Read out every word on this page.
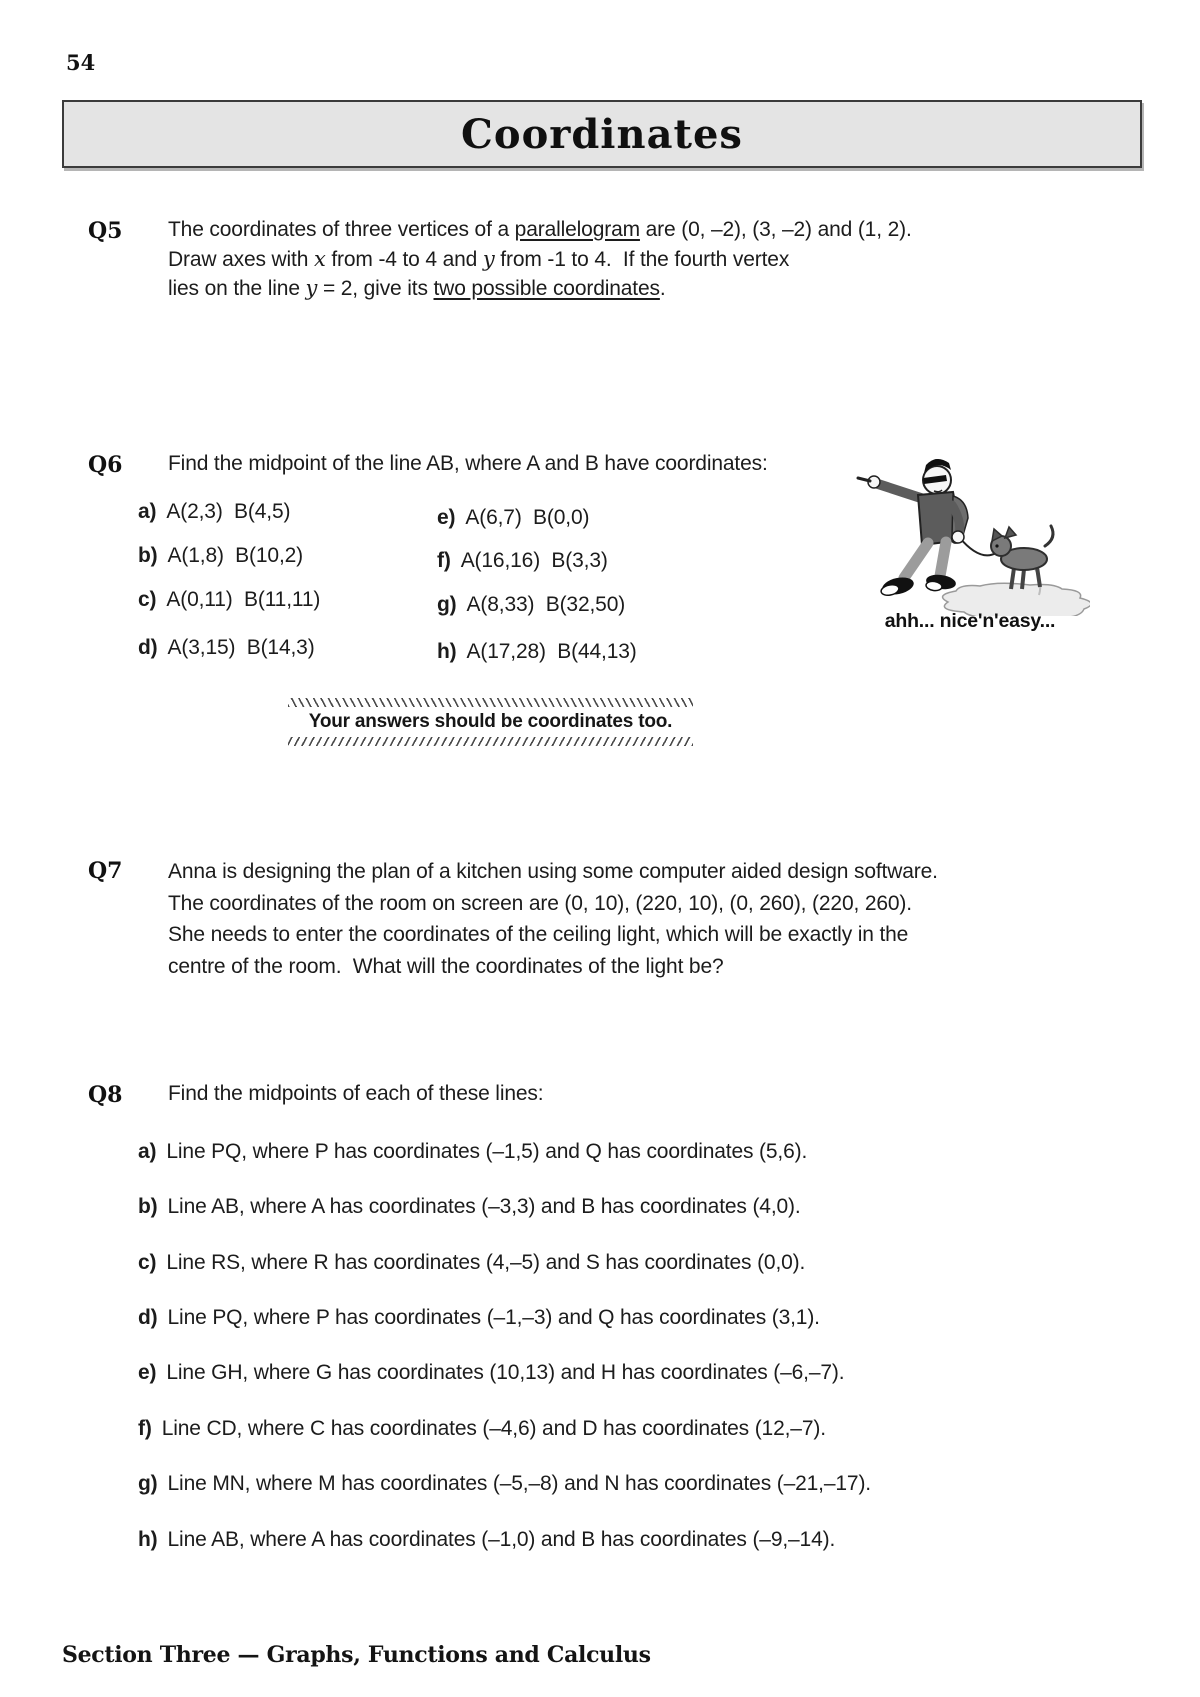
54
Coordinates
Q5 The coordinates of three vertices of a parallelogram are (0, –2), (3, –2) and (1, 2).
Draw axes with x from -4 to 4 and y from -1 to 4.  If the fourth vertex
lies on the line y = 2, give its two possible coordinates.
Q6 Find the midpoint of the line AB, where A and B have coordinates:
a) A(2,3)  B(4,5)
b) A(1,8)  B(10,2)
c) A(0,11)  B(11,11)
d) A(3,15)  B(14,3)
e) A(6,7)  B(0,0)
f) A(16,16)  B(3,3)
g) A(8,33)  B(32,50)
h) A(17,28)  B(44,13)
ahh... nice'n'easy...
Your answers should be coordinates too.
Q7 Anna is designing the plan of a kitchen using some computer aided design software.
The coordinates of the room on screen are (0, 10), (220, 10), (0, 260), (220, 260).
She needs to enter the coordinates of the ceiling light, which will be exactly in the
centre of the room.  What will the coordinates of the light be?
Q8 Find the midpoints of each of these lines:
a) Line PQ, where P has coordinates (–1,5) and Q has coordinates (5,6).
b) Line AB, where A has coordinates (–3,3) and B has coordinates (4,0).
c) Line RS, where R has coordinates (4,–5) and S has coordinates (0,0).
d) Line PQ, where P has coordinates (–1,–3) and Q has coordinates (3,1).
e) Line GH, where G has coordinates (10,13) and H has coordinates (–6,–7).
f) Line CD, where C has coordinates (–4,6) and D has coordinates (12,–7).
g) Line MN, where M has coordinates (–5,–8) and N has coordinates (–21,–17).
h) Line AB, where A has coordinates (–1,0) and B has coordinates (–9,–14).
Section Three — Graphs, Functions and Calculus
